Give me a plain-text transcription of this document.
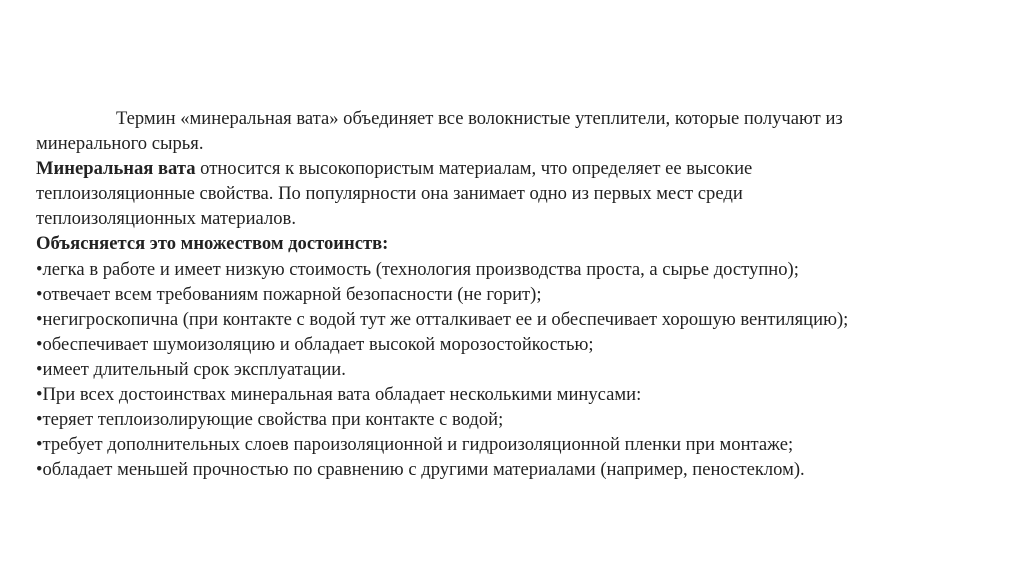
Термин «минеральная вата» объединяет все волокнистые утеплители, которые получают из
минерального сырья.
Минеральная вата относится к высокопористым материалам, что определяет ее высокие
теплоизоляционные свойства. По популярности она занимает одно из первых мест среди
теплоизоляционных материалов.
Объясняется это множеством достоинств:
•легка в работе и имеет низкую стоимость (технология производства проста, а сырье доступно);
•отвечает всем требованиям пожарной безопасности (не горит);
•негигроскопична (при контакте с водой тут же отталкивает ее и обеспечивает хорошую вентиляцию);
•обеспечивает шумоизоляцию и обладает высокой морозостойкостью;
•имеет длительный срок эксплуатации.
•При всех достоинствах минеральная вата обладает несколькими минусами:
•теряет теплоизолирующие свойства при контакте с водой;
•требует дополнительных слоев пароизоляционной и гидроизоляционной пленки при монтаже;
•обладает меньшей прочностью по сравнению с другими материалами (например, пеностеклом).
